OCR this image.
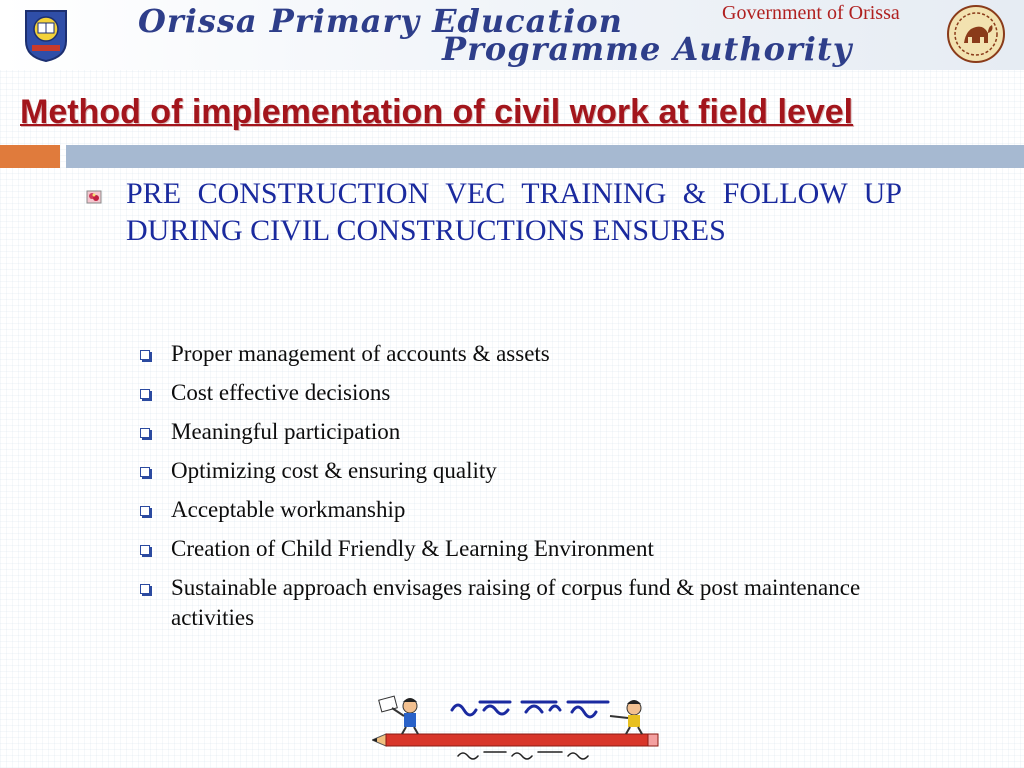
Orissa Primary Education
Programme Authority
Government of Orissa
Method of implementation of civil work at field level
PRE CONSTRUCTION VEC TRAINING & FOLLOW UP DURING CIVIL CONSTRUCTIONS ENSURES
Proper management of accounts & assets
Cost effective decisions
Meaningful participation
Optimizing cost & ensuring quality
Acceptable workmanship
Creation of Child Friendly & Learning Environment
Sustainable approach envisages raising of corpus fund & post maintenance activities
